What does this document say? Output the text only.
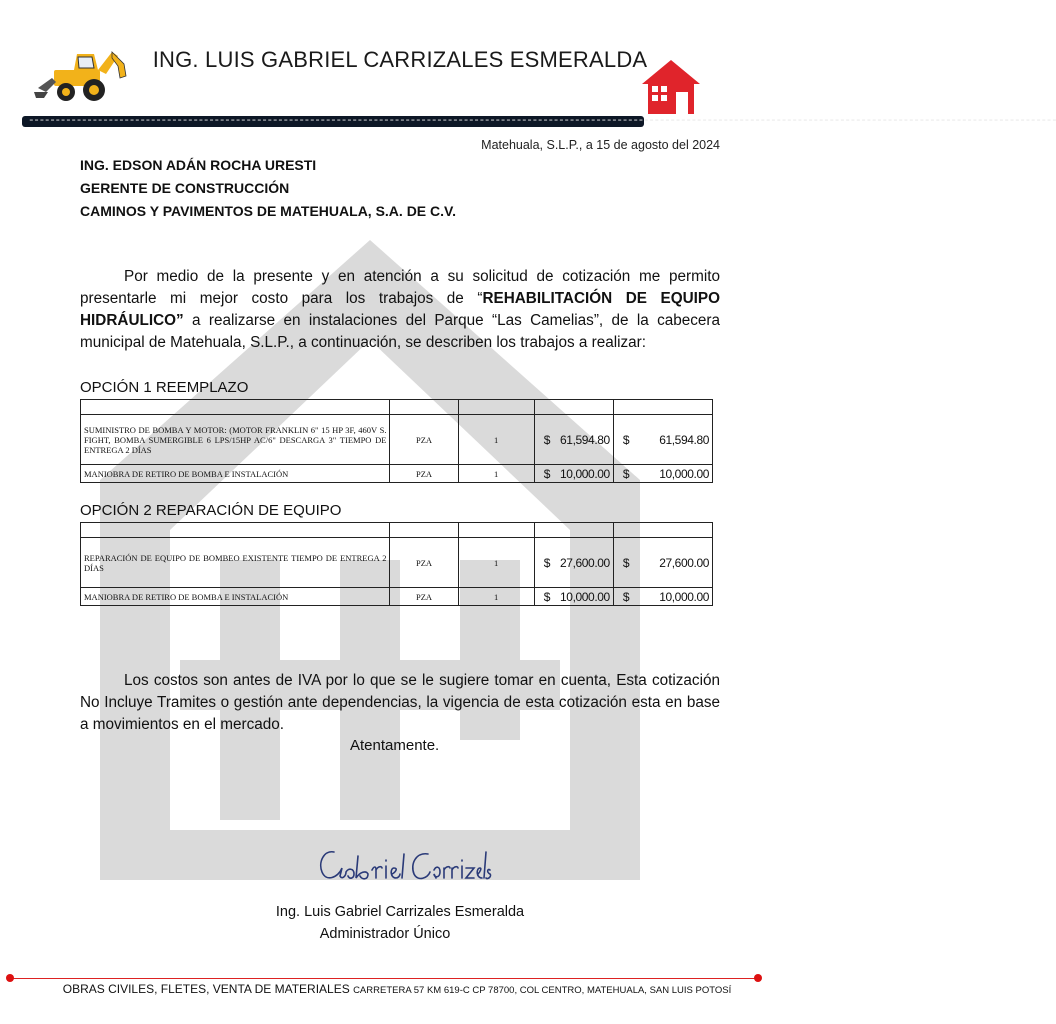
ING. LUIS GABRIEL CARRIZALES ESMERALDA
--------------------------------------------------------------------------------------------------------------------------------------------------------------------------------------------------
Matehuala, S.L.P., a 15 de agosto del 2024
ING. EDSON ADÁN ROCHA URESTI
GERENTE DE CONSTRUCCIÓN
CAMINOS Y PAVIMENTOS DE MATEHUALA, S.A. DE C.V.
Por medio de la presente y en atención a su solicitud de cotización me permito presentarle mi mejor costo para los trabajos de “REHABILITACIÓN DE EQUIPO HIDRÁULICO” a realizarse en instalaciones del Parque “Las Camelias”, de la cabecera municipal de Matehuala, S.L.P., a continuación, se describen los trabajos a realizar:
OPCIÓN 1 REEMPLAZO

SUMINISTRO DE BOMBA Y MOTOR: (MOTOR FRANKLIN 6" 15 HP 3F, 460V S. FIGHT, BOMBA SUMERGIBLE 6 LPS/15HP AC/6" DESCARGA 3" TIEMPO DE ENTREGA 2 DÍAS	PZA	1	$ 61,594.80	$ 61,594.80

MANIOBRA DE RETIRO DE BOMBA E INSTALACIÓN	PZA	1	$ 10,000.00	$ 10,000.00
OPCIÓN 2 REPARACIÓN DE EQUIPO

REPARACIÓN DE EQUIPO DE BOMBEO EXISTENTE TIEMPO DE ENTREGA 2 DÍAS	PZA	1	$ 27,600.00	$ 27,600.00

MANIOBRA DE RETIRO DE BOMBA E INSTALACIÓN	PZA	1	$ 10,000.00	$ 10,000.00
Los costos son antes de IVA por lo que se le sugiere tomar en cuenta, Esta cotización No Incluye Tramites o gestión ante dependencias, la vigencia de esta cotización esta en base a movimientos en el mercado.
Atentamente.
Ing. Luis Gabriel Carrizales Esmeralda
Administrador Único
OBRAS CIVILES, FLETES, VENTA DE MATERIALES CARRETERA 57 KM 619-C CP 78700, COL CENTRO, MATEHUALA, SAN LUIS POTOSÍ
